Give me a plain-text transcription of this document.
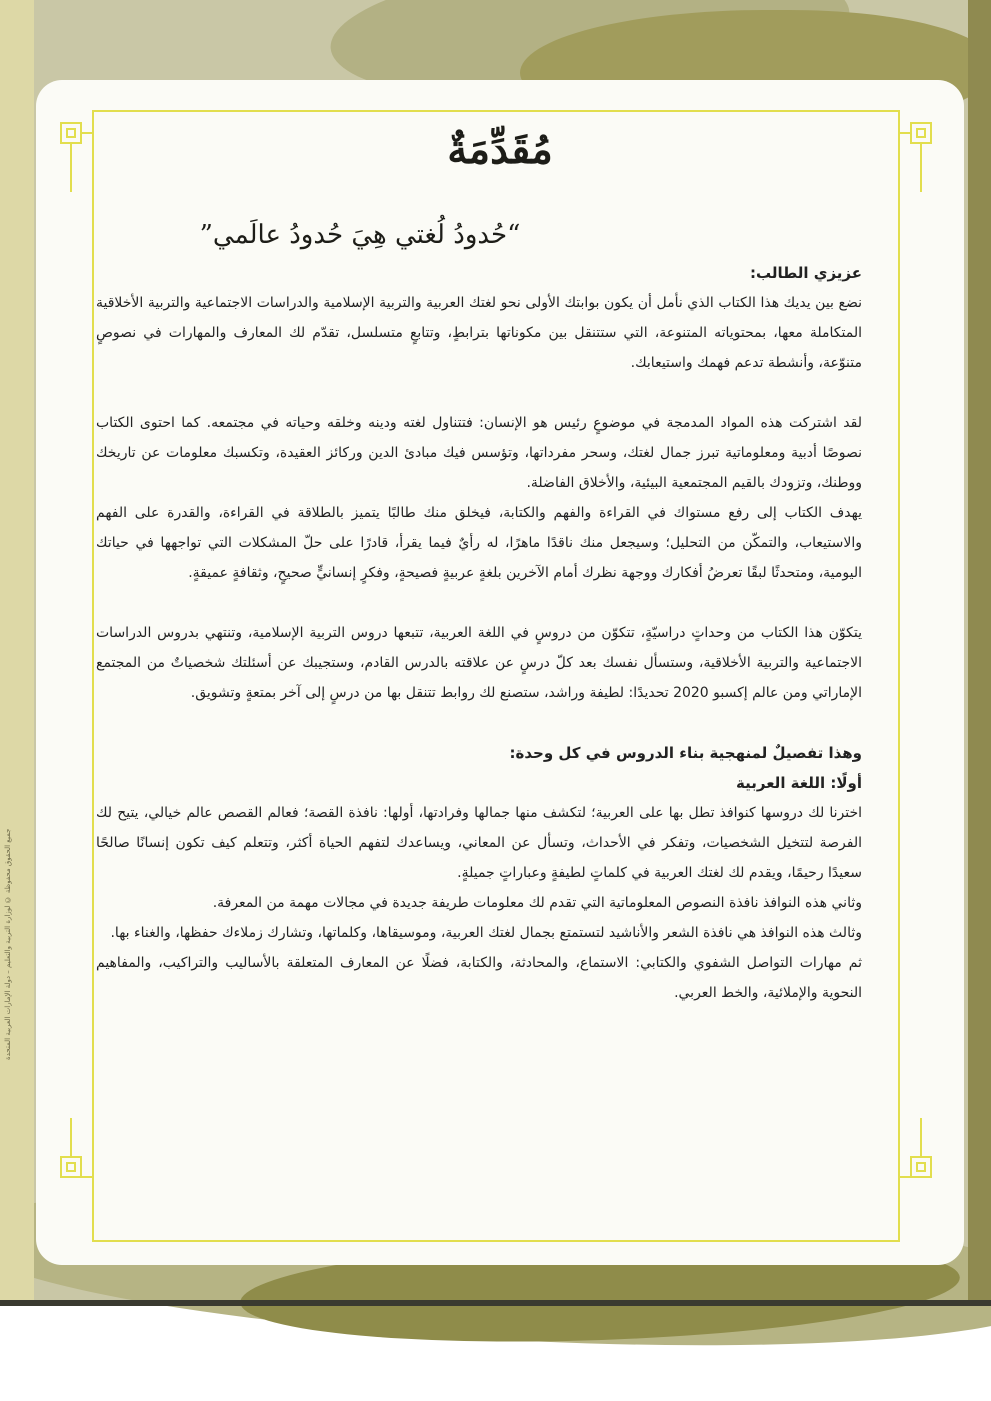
جميع الحقوق محفوظة © لوزارة التربية والتعليم – دولة الإمارات العربية المتحدة
مُقَدِّمَةٌ
“حُدودُ لُغتي هِيَ حُدودُ عالَمي”

عزيزي الطالب:

نضع بين يديك هذا الكتاب الذي نأمل أن يكون بوابتك الأولى نحو لغتك العربية والتربية الإسلامية والدراسات الاجتماعية والتربية الأخلاقية المتكاملة معها، بمحتوياته المتنوعة، التي ستتنقل بين مكوناتها بترابطٍ، وتتابعٍ متسلسل، تقدّم لك المعارف والمهارات في نصوصٍ متنوّعة، وأنشطة تدعم فهمك واستيعابك.

لقد اشتركت هذه المواد المدمجة في موضوعٍ رئيس هو الإنسان: فتتناول لغته ودينه وخلقه وحياته في مجتمعه. كما احتوى الكتاب نصوصًا أدبية ومعلوماتية تبرز جمال لغتك، وسحر مفرداتها، وتؤسس فيك مبادئ الدين وركائز العقيدة، وتكسبك معلومات عن تاريخك ووطنك، وتزودك بالقيم المجتمعية البيئية، والأخلاق الفاضلة.

يهدف الكتاب إلى رفع مستواك في القراءة والفهم والكتابة، فيخلق منك طالبًا يتميز بالطلاقة في القراءة، والقدرة على الفهم والاستيعاب، والتمكّن من التحليل؛ وسيجعل منك ناقدًا ماهرًا، له رأيٌ فيما يقرأ، قادرًا على حلّ المشكلات التي تواجهها في حياتك اليومية، ومتحدثًا لبقًا تعرضُ أفكارك ووجهة نظرك أمام الآخرين بلغةٍ عربيةٍ فصيحةٍ، وفكرٍ إنسانيٍّ صحيحٍ، وثقافةٍ عميقةٍ.

يتكوّن هذا الكتاب من وحداتٍ دراسيّةٍ، تتكوّن من دروسٍ في اللغة العربية، تتبعها دروس التربية الإسلامية، وتنتهي بدروس الدراسات الاجتماعية والتربية الأخلاقية، وستسأل نفسك بعد كلّ درسٍ عن علاقته بالدرس القادم، وستجيبك عن أسئلتك شخصياتٌ من المجتمع الإماراتي ومن عالم إكسبو 2020 تحديدًا: لطيفة وراشد، ستصنع لك روابط تتنقل بها من درسٍ إلى آخر بمتعةٍ وتشويق.

وهذا تفصيلٌ لمنهجية بناء الدروس في كل وحدة:

أولًا: اللغة العربية

اخترنا لك دروسها كنوافذ تطل بها على العربية؛ لتكشف منها جمالها وفرادتها، أولها: نافذة القصة؛ فعالم القصص عالم خيالي، يتيح لك الفرصة لتتخيل الشخصيات، وتفكر في الأحداث، وتسأل عن المعاني، ويساعدك لتفهم الحياة أكثر، وتتعلم كيف تكون إنسانًا صالحًا سعيدًا رحيمًا، ويقدم لك لغتك العربية في كلماتٍ لطيفةٍ وعباراتٍ جميلةٍ.

وثاني هذه النوافذ نافذة النصوص المعلوماتية التي تقدم لك معلومات طريفة جديدة في مجالات مهمة من المعرفة.

وثالث هذه النوافذ هي نافذة الشعر والأناشيد لتستمتع بجمال لغتك العربية، وموسيقاها، وكلماتها، وتشارك زملاءك حفظها، والغناء بها.

ثم مهارات التواصل الشفوي والكتابي: الاستماع، والمحادثة، والكتابة، فضلًا عن المعارف المتعلقة بالأساليب والتراكيب، والمفاهيم النحوية والإملائية، والخط العربي.
